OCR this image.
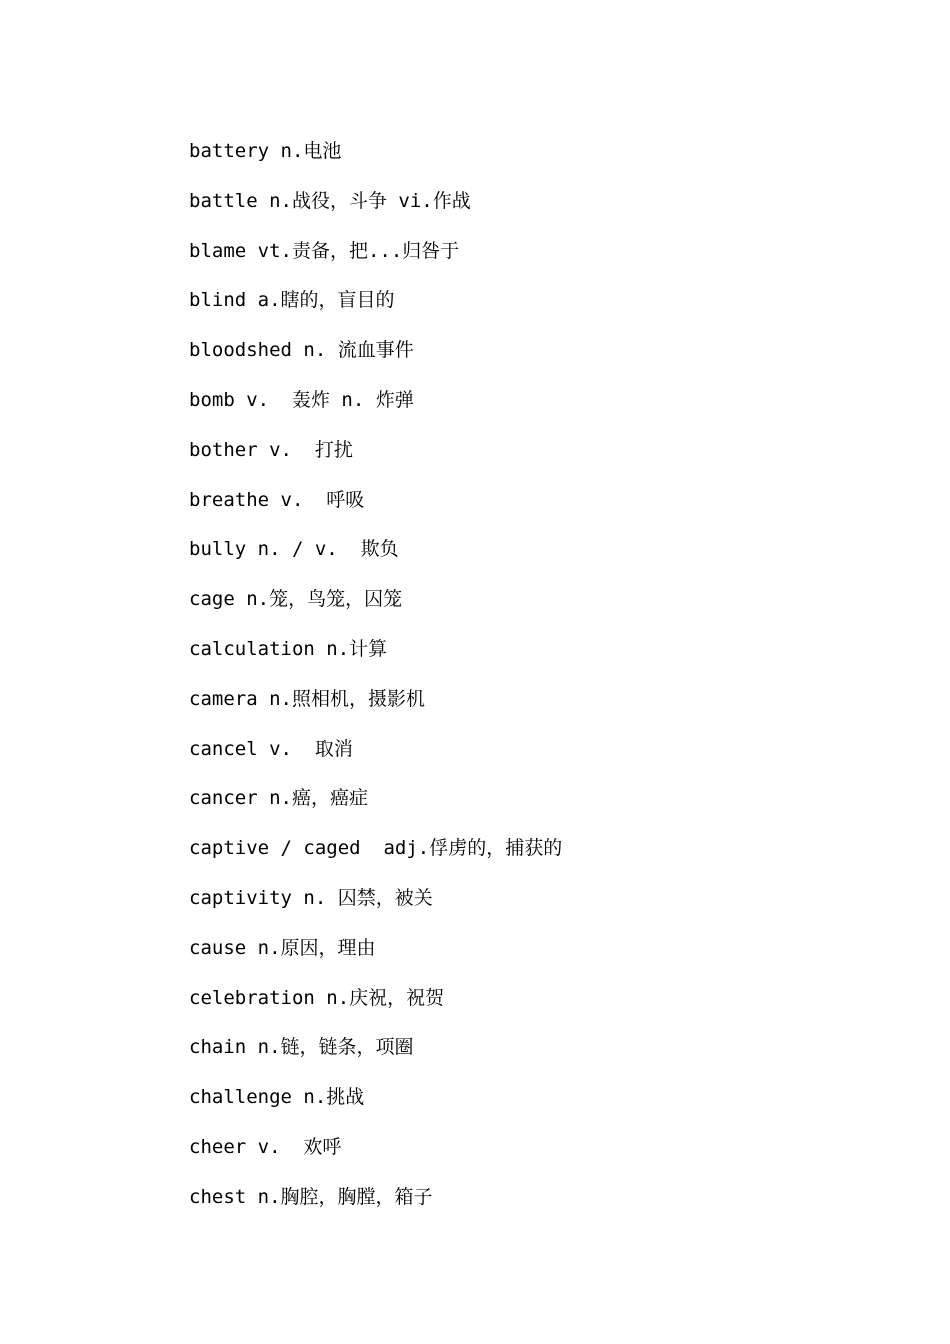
battery n.电池
battle n.战役，斗争 vi.作战
blame vt.责备，把...归咎于
blind a.瞎的，盲目的
bloodshed n. 流血事件
bomb v.  轰炸 n. 炸弹
bother v.  打扰
breathe v.  呼吸
bully n. / v.  欺负
cage n.笼，鸟笼，囚笼
calculation n.计算
camera n.照相机，摄影机
cancel v.  取消
cancer n.癌，癌症
captive / caged  adj.俘虏的，捕获的
captivity n. 囚禁，被关
cause n.原因，理由
celebration n.庆祝，祝贺
chain n.链，链条，项圈
challenge n.挑战
cheer v.  欢呼
chest n.胸腔，胸膛，箱子
